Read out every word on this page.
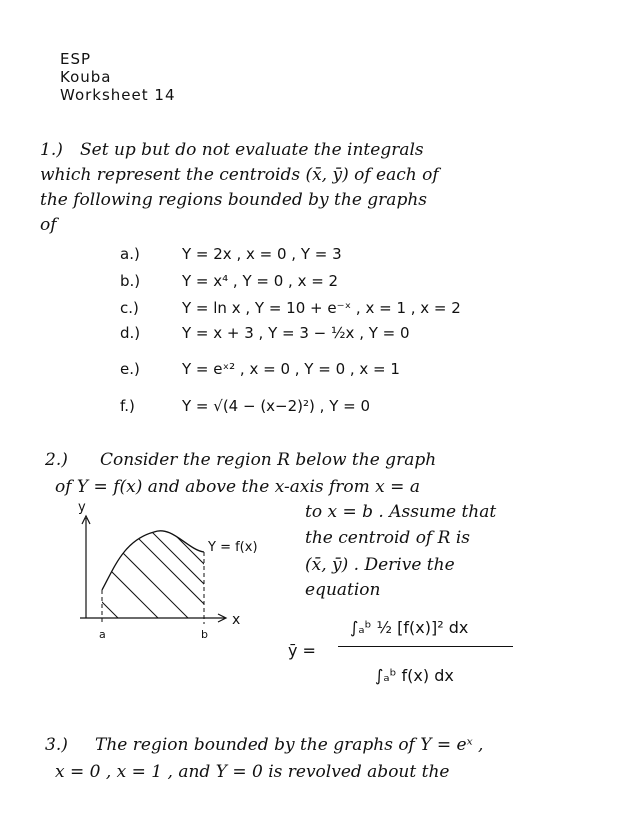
ESP
Kouba
Worksheet 14
1.) Set up but do not evaluate the integrals
which represent the centroids (x̄, ȳ) of each of
the following regions bounded by the graphs
of
a.)	Y = 2x , x = 0 , Y = 3
b.)	Y = x⁴ , Y = 0 , x = 2
c.)	Y = ln x , Y = 10 + e⁻ˣ , x = 1 , x = 2
d.)	Y = x + 3 , Y = 3 − ½x , Y = 0
e.)	Y = eˣ² , x = 0 , Y = 0 , x = 1
f.)	Y = √(4 − (x−2)²) , Y = 0
2.) Consider the region R below the graph
of Y = f(x) and above the x-axis from x = a
to x = b . Assume that
the centroid of R is
(x̄, ȳ) . Derive the
equation
y
x
Y = f(x)
a	b
ȳ =
∫ₐᵇ ½ [f(x)]² dx
∫ₐᵇ f(x) dx
3.) The region bounded by the graphs of Y = eˣ ,
x = 0 , x = 1 , and Y = 0 is revolved about the
